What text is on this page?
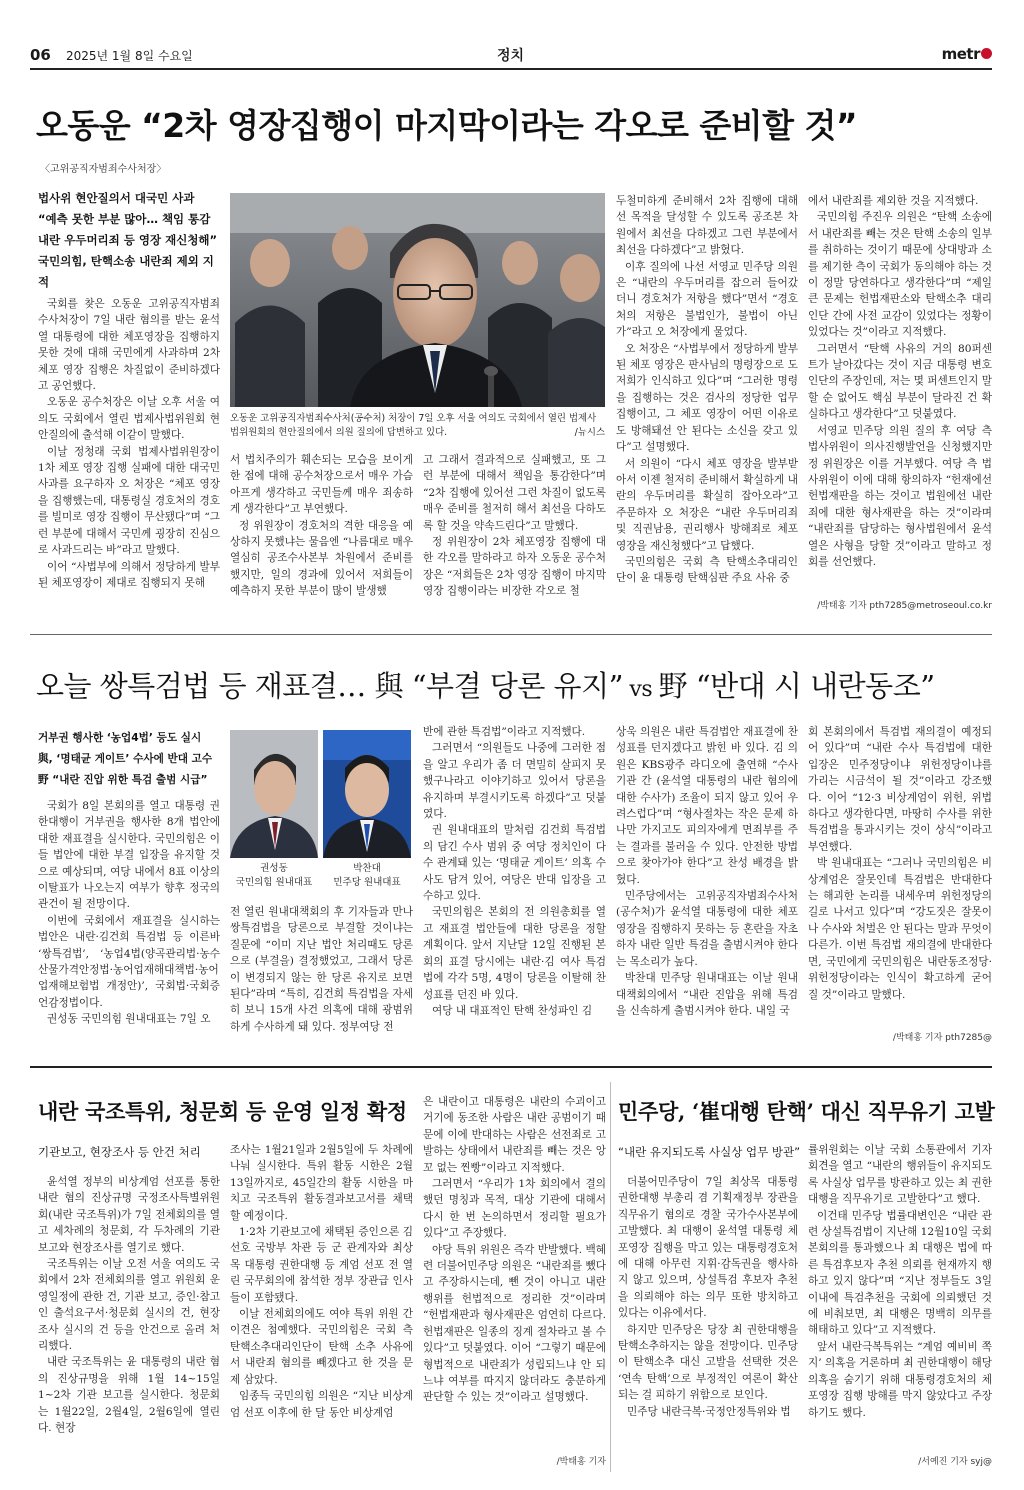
06 2025년 1월 8일 수요일	정치	metr
오동운 “2차 영장집행이 마지막이라는 각오로 준비할 것”
〈고위공직자범죄수사처장〉
법사위 현안질의서 대국민 사과
“예측 못한 부분 많아… 책임 통감
내란 우두머리죄 등 영장 재신청해”
국민의힘, 탄핵소송 내란죄 제외 지적

국회를 찾은 오동운 고위공직자범죄수사처장이 7일 내란 혐의를 받는 윤석열 대통령에 대한 체포영장을 집행하지 못한 것에 대해 국민에게 사과하며 2차 체포 영장 집행은 차질없이 준비하겠다고 공언했다.

오동운 공수처장은 이날 오후 서울 여의도 국회에서 열린 법제사법위원회 현안질의에 출석해 이같이 말했다.

이날 정청래 국회 법제사법위원장이 1차 체포 영장 집행 실패에 대한 대국민 사과를 요구하자 오 처장은 “체포 영장을 집행했는데, 대통령실 경호처의 경호를 빌미로 영장 집행이 무산됐다”며 “그런 부분에 대해서 국민께 굉장히 진심으로 사과드리는 바”라고 말했다.

이어 “사법부에 의해서 정당하게 발부된 체포영장이 제대로 집행되지 못해

오동운 고위공직자범죄수사처(공수처) 처장이 7일 오후 서울 여의도 국회에서 열린 법제사법위원회의 현안질의에서 의원 질의에 답변하고 있다.	/뉴시스

서 법치주의가 훼손되는 모습을 보이게 한 점에 대해 공수처장으로서 매우 가슴 아프게 생각하고 국민들께 매우 죄송하게 생각한다”고 부연했다.

정 위원장이 경호처의 격한 대응을 예상하지 못했냐는 물음엔 “나름대로 매우 열심히 공조수사본부 차원에서 준비를 했지만, 일의 경과에 있어서 저희들이 예측하지 못한 부분이 많이 발생했

고 그래서 결과적으로 실패했고, 또 그런 부분에 대해서 책임을 통감한다”며 “2차 집행에 있어선 그런 차질이 없도록 매우 준비를 철저히 해서 최선을 다하도록 할 것을 약속드린다”고 말했다.

정 위원장이 2차 체포영장 집행에 대한 각오를 말하라고 하자 오동운 공수처장은 “저희들은 2차 영장 집행이 마지막 영장 집행이라는 비장한 각오로 철

두철미하게 준비해서 2차 집행에 대해선 목적을 달성할 수 있도록 공조본 차원에서 최선을 다하겠고 그런 부분에서 최선을 다하겠다”고 밝혔다.

이후 질의에 나선 서영교 민주당 의원은 “내란의 우두머리를 잡으러 들어갔더니 경호처가 저항을 했다”면서 “경호처의 저항은 불법인가, 불법이 아닌가”라고 오 처장에게 물었다.

오 처장은 “사법부에서 정당하게 발부된 체포 영장은 판사님의 명령장으로 도 저희가 인식하고 있다”며 “그러한 명령을 집행하는 것은 검사의 정당한 업무 집행이고, 그 체포 영장이 어떤 이유로도 방해돼선 안 된다는 소신을 갖고 있다”고 설명했다.

서 의원이 “다시 체포 영장을 발부받아서 이젠 철저히 준비해서 확실하게 내란의 우두머리를 확실히 잡아오라”고 주문하자 오 처장은 “내란 우두머리죄 및 직권남용, 권리행사 방해죄로 체포 영장을 재신청했다”고 답했다.

국민의힘은 국회 측 탄핵소추대리인단이 윤 대통령 탄핵심판 주요 사유 중

에서 내란죄를 제외한 것을 지적했다.

국민의힘 주진우 의원은 “탄핵 소송에서 내란죄를 빼는 것은 탄핵 소송의 일부를 취하하는 것이기 때문에 상대방과 소를 제기한 측이 국회가 동의해야 하는 것이 정말 당연하다고 생각한다”며 “제일 큰 문제는 헌법재판소와 탄핵소추 대리인단 간에 사전 교감이 있었다는 정황이 있었다는 것”이라고 지적했다.

그러면서 “탄핵 사유의 거의 80퍼센트가 날아갔다는 것이 지금 대통령 변호인단의 주장인데, 저는 몇 퍼센트인지 말할 순 없어도 핵심 부분이 달라진 건 확실하다고 생각한다”고 덧붙였다.

서영교 민주당 의원 질의 후 여당 측 법사위원이 의사진행발언을 신청했지만 정 위원장은 이를 거부했다. 여당 측 법사위원이 이에 대해 항의하자 “헌재에선 헌법재판을 하는 것이고 법원에선 내란죄에 대한 형사재판을 하는 것”이라며 “내란죄를 담당하는 형사법원에서 윤석열은 사형을 당할 것”이라고 말하고 정회를 선언했다.

/박태홍 기자 pth7285@metroseoul.co.kr
오늘 쌍특검법 등 재표결… 與 “부결 당론 유지” vs 野 “반대 시 내란동조”
거부권 행사한 ‘농업4법’ 등도 실시
與, ‘명태균 게이트’ 수사에 반대 고수
野 “내란 진압 위한 특검 출범 시급”

국회가 8일 본회의를 열고 대통령 권한대행이 거부권을 행사한 8개 법안에 대한 재표결을 실시한다. 국민의힘은 이들 법안에 대한 부결 입장을 유지할 것으로 예상되며, 여당 내에서 8표 이상의 이탈표가 나오는지 여부가 향후 정국의 관건이 될 전망이다.

이번에 국회에서 재표결을 실시하는 법안은 내란·김건희 특검법 등 이른바 ‘쌍특검법’, ‘농업4법(양곡관리법·농수산물가격안정법·농어업재해대책법·농어업재해보험법 개정안)’, 국회법·국회증언감정법이다.

권성동 국민의힘 원내대표는 7일 오

권성동
국민의힘 원내대표
박찬대
민주당 원내대표

전 열린 원내대책회의 후 기자들과 만나 쌍특검법을 당론으로 부결할 것이냐는 질문에 “이미 지난 법안 처리때도 당론으로 (부결을) 결정했었고, 그래서 당론이 변경되지 않는 한 당론 유지로 보면된다”라며 “특히, 김건희 특검법을 자세히 보니 15개 사건 의혹에 대해 광범위하게 수사하게 돼 있다. 정부여당 전

반에 관한 특검법”이라고 지적했다.

그러면서 “의원들도 나중에 그러한 점을 알고 우리가 좀 더 면밀히 살피지 못했구나라고 이야기하고 있어서 당론을 유지하며 부결시키도록 하겠다”고 덧붙였다.

권 원내대표의 말처럼 김건희 특검법의 담긴 수사 범위 중 여당 정치인이 다수 관계돼 있는 ‘명태균 게이트’ 의혹 수사도 담겨 있어, 여당은 반대 입장을 고수하고 있다.

국민의힘은 본회의 전 의원총회를 열고 재표결 법안들에 대한 당론을 정할 계획이다. 앞서 지난달 12일 진행된 본회의 표결 당시에는 내란·김 여사 특검법에 각각 5명, 4명이 당론을 이탈해 찬성표를 던진 바 있다.

여당 내 대표적인 탄핵 찬성파인 김

상욱 의원은 내란 특검법안 재표결에 찬성표를 던지겠다고 밝힌 바 있다. 김 의원은 KBS광주 라디오에 출연해 “수사기관 간 (윤석열 대통령의 내란 혐의에 대한 수사가) 조율이 되지 않고 있어 우려스럽다”며 “형사절차는 작은 문제 하나만 가지고도 피의자에게 면죄부를 주는 결과를 불러올 수 있다. 안전한 방법으로 찾아가야 한다”고 찬성 배경을 밝혔다.

민주당에서는 고위공직자범죄수사처(공수처)가 윤석열 대통령에 대한 체포영장을 집행하지 못하는 등 혼란을 자초하자 내란 일반 특검을 출범시켜야 한다는 목소리가 높다.

박찬대 민주당 원내대표는 이날 원내대책회의에서 “내란 진압을 위해 특검을 신속하게 출범시켜야 한다. 내일 국

회 본회의에서 특검법 재의결이 예정되어 있다”며 “내란 수사 특검법에 대한 입장은 민주정당이냐 위헌정당이냐를 가리는 시금석이 될 것”이라고 강조했다. 이어 “12·3 비상계엄이 위헌, 위법하다고 생각한다면, 마땅히 수사를 위한 특검법을 통과시키는 것이 상식”이라고 부연했다.

박 원내대표는 “그러나 국민의힘은 비상계엄은 잘못인데 특검법은 반대한다는 해괴한 논리를 내세우며 위헌정당의 길로 나서고 있다”며 “강도짓은 잘못이나 수사와 처벌은 안 된다는 말과 무엇이 다른가. 이번 특검법 재의결에 반대한다면, 국민에게 국민의힘은 내란동조정당·위헌정당이라는 인식이 확고하게 굳어질 것”이라고 말했다.

/박태홍 기자 pth7285@
내란 국조특위, 청문회 등 운영 일정 확정
기관보고, 현장조사 등 안건 처리

윤석열 정부의 비상계엄 선포를 통한 내란 혐의 진상규명 국정조사특별위원회(내란 국조특위)가 7일 전체회의를 열고 세차례의 청문회, 각 두차례의 기관보고와 현장조사를 열기로 했다.

국조특위는 이날 오전 서울 여의도 국회에서 2차 전체회의를 열고 위원회 운영일정에 관한 건, 기관 보고, 증인·참고인 출석요구서·청문회 실시의 건, 현장조사 실시의 건 등을 안건으로 올려 처리했다.

내란 국조특위는 윤 대통령의 내란 혐의 진상규명을 위해 1월 14~15일 1~2차 기관 보고를 실시한다. 청문회는 1월22일, 2월4일, 2월6일에 열린다. 현장

조사는 1월21일과 2월5일에 두 차례에 나눠 실시한다. 특위 활동 시한은 2월 13일까지로, 45일간의 활동 시한을 마치고 국조특위 활동결과보고서를 채택할 예정이다.

1·2차 기관보고에 채택된 증인으론 김선호 국방부 차관 등 군 관계자와 최상목 대통령 권한대행 등 계엄 선포 전 열린 국무회의에 참석한 정부 장관급 인사들이 포함됐다.

이날 전체회의에도 여야 특위 위원 간 이견은 첨예했다. 국민의힘은 국회 측 탄핵소추대리인단이 탄핵 소추 사유에서 내란죄 혐의를 빼겠다고 한 것을 문제 삼았다.

임종득 국민의힘 의원은 “지난 비상계엄 선포 이후에 한 달 동안 비상계엄

은 내란이고 대통령은 내란의 수괴이고 거기에 동조한 사람은 내란 공범이기 때문에 이에 반대하는 사람은 선전죄로 고발하는 상태에서 내란죄를 빼는 것은 앙꼬 없는 찐빵”이라고 지적했다.

그러면서 “우리가 1차 회의에서 결의했던 명칭과 목적, 대상 기관에 대해서 다시 한 번 논의하면서 정리할 필요가 있다”고 주장했다.

야당 특위 위원은 즉각 반발했다. 백혜련 더불어민주당 의원은 “내란죄를 뺐다고 주장하시는데, 뺀 것이 아니고 내란 행위를 헌법적으로 정리한 것”이라며 “헌법재판과 형사재판은 엄연히 다르다. 헌법재판은 일종의 징계 절차라고 볼 수 있다”고 덧붙였다. 이어 “그렇기 때문에 형법적으로 내란죄가 성립되느냐 안 되느냐 여부를 따지지 않더라도 충분하게 판단할 수 있는 것”이라고 설명했다.

/박태홍 기자
민주당, ‘崔대행 탄핵’ 대신 직무유기 고발
“내란 유지되도록 사실상 업무 방관”

더불어민주당이 7일 최상목 대통령 권한대행 부총리 겸 기획재정부 장관을 직무유기 혐의로 경찰 국가수사본부에 고발했다. 최 대행이 윤석열 대통령 체포영장 집행을 막고 있는 대통령경호처에 대해 아무런 지휘·감독권을 행사하지 않고 있으며, 상설특검 후보자 추천을 의뢰해야 하는 의무 또한 방치하고 있다는 이유에서다.

하지만 민주당은 당장 최 권한대행을 탄핵소추하지는 않을 전망이다. 민주당이 탄핵소추 대신 고발을 선택한 것은 ‘연속 탄핵’으로 부정적인 여론이 확산되는 걸 피하기 위함으로 보인다.

민주당 내란극복·국정안정특위와 법

률위원회는 이날 국회 소통관에서 기자회견을 열고 “내란의 행위들이 유지되도록 사실상 업무를 방관하고 있는 최 권한대행을 직무유기로 고발한다”고 했다.

이건태 민주당 법률대변인은 “내란 관련 상설특검법이 지난해 12월10일 국회 본회의를 통과했으나 최 대행은 법에 따른 특검후보자 추천 의뢰를 현재까지 행하고 있지 않다”며 “지난 정부들도 3일 이내에 특검추천을 국회에 의뢰했던 것에 비춰보면, 최 대행은 명백히 의무를 해태하고 있다”고 지적했다.

앞서 내란극복특위는 “계엄 예비비 쪽지’ 의혹을 거론하며 최 권한대행이 해당 의혹을 숨기기 위해 대통령경호처의 체포영장 집행 방해를 막지 않았다고 주장하기도 했다.

/서예진 기자 syj@
